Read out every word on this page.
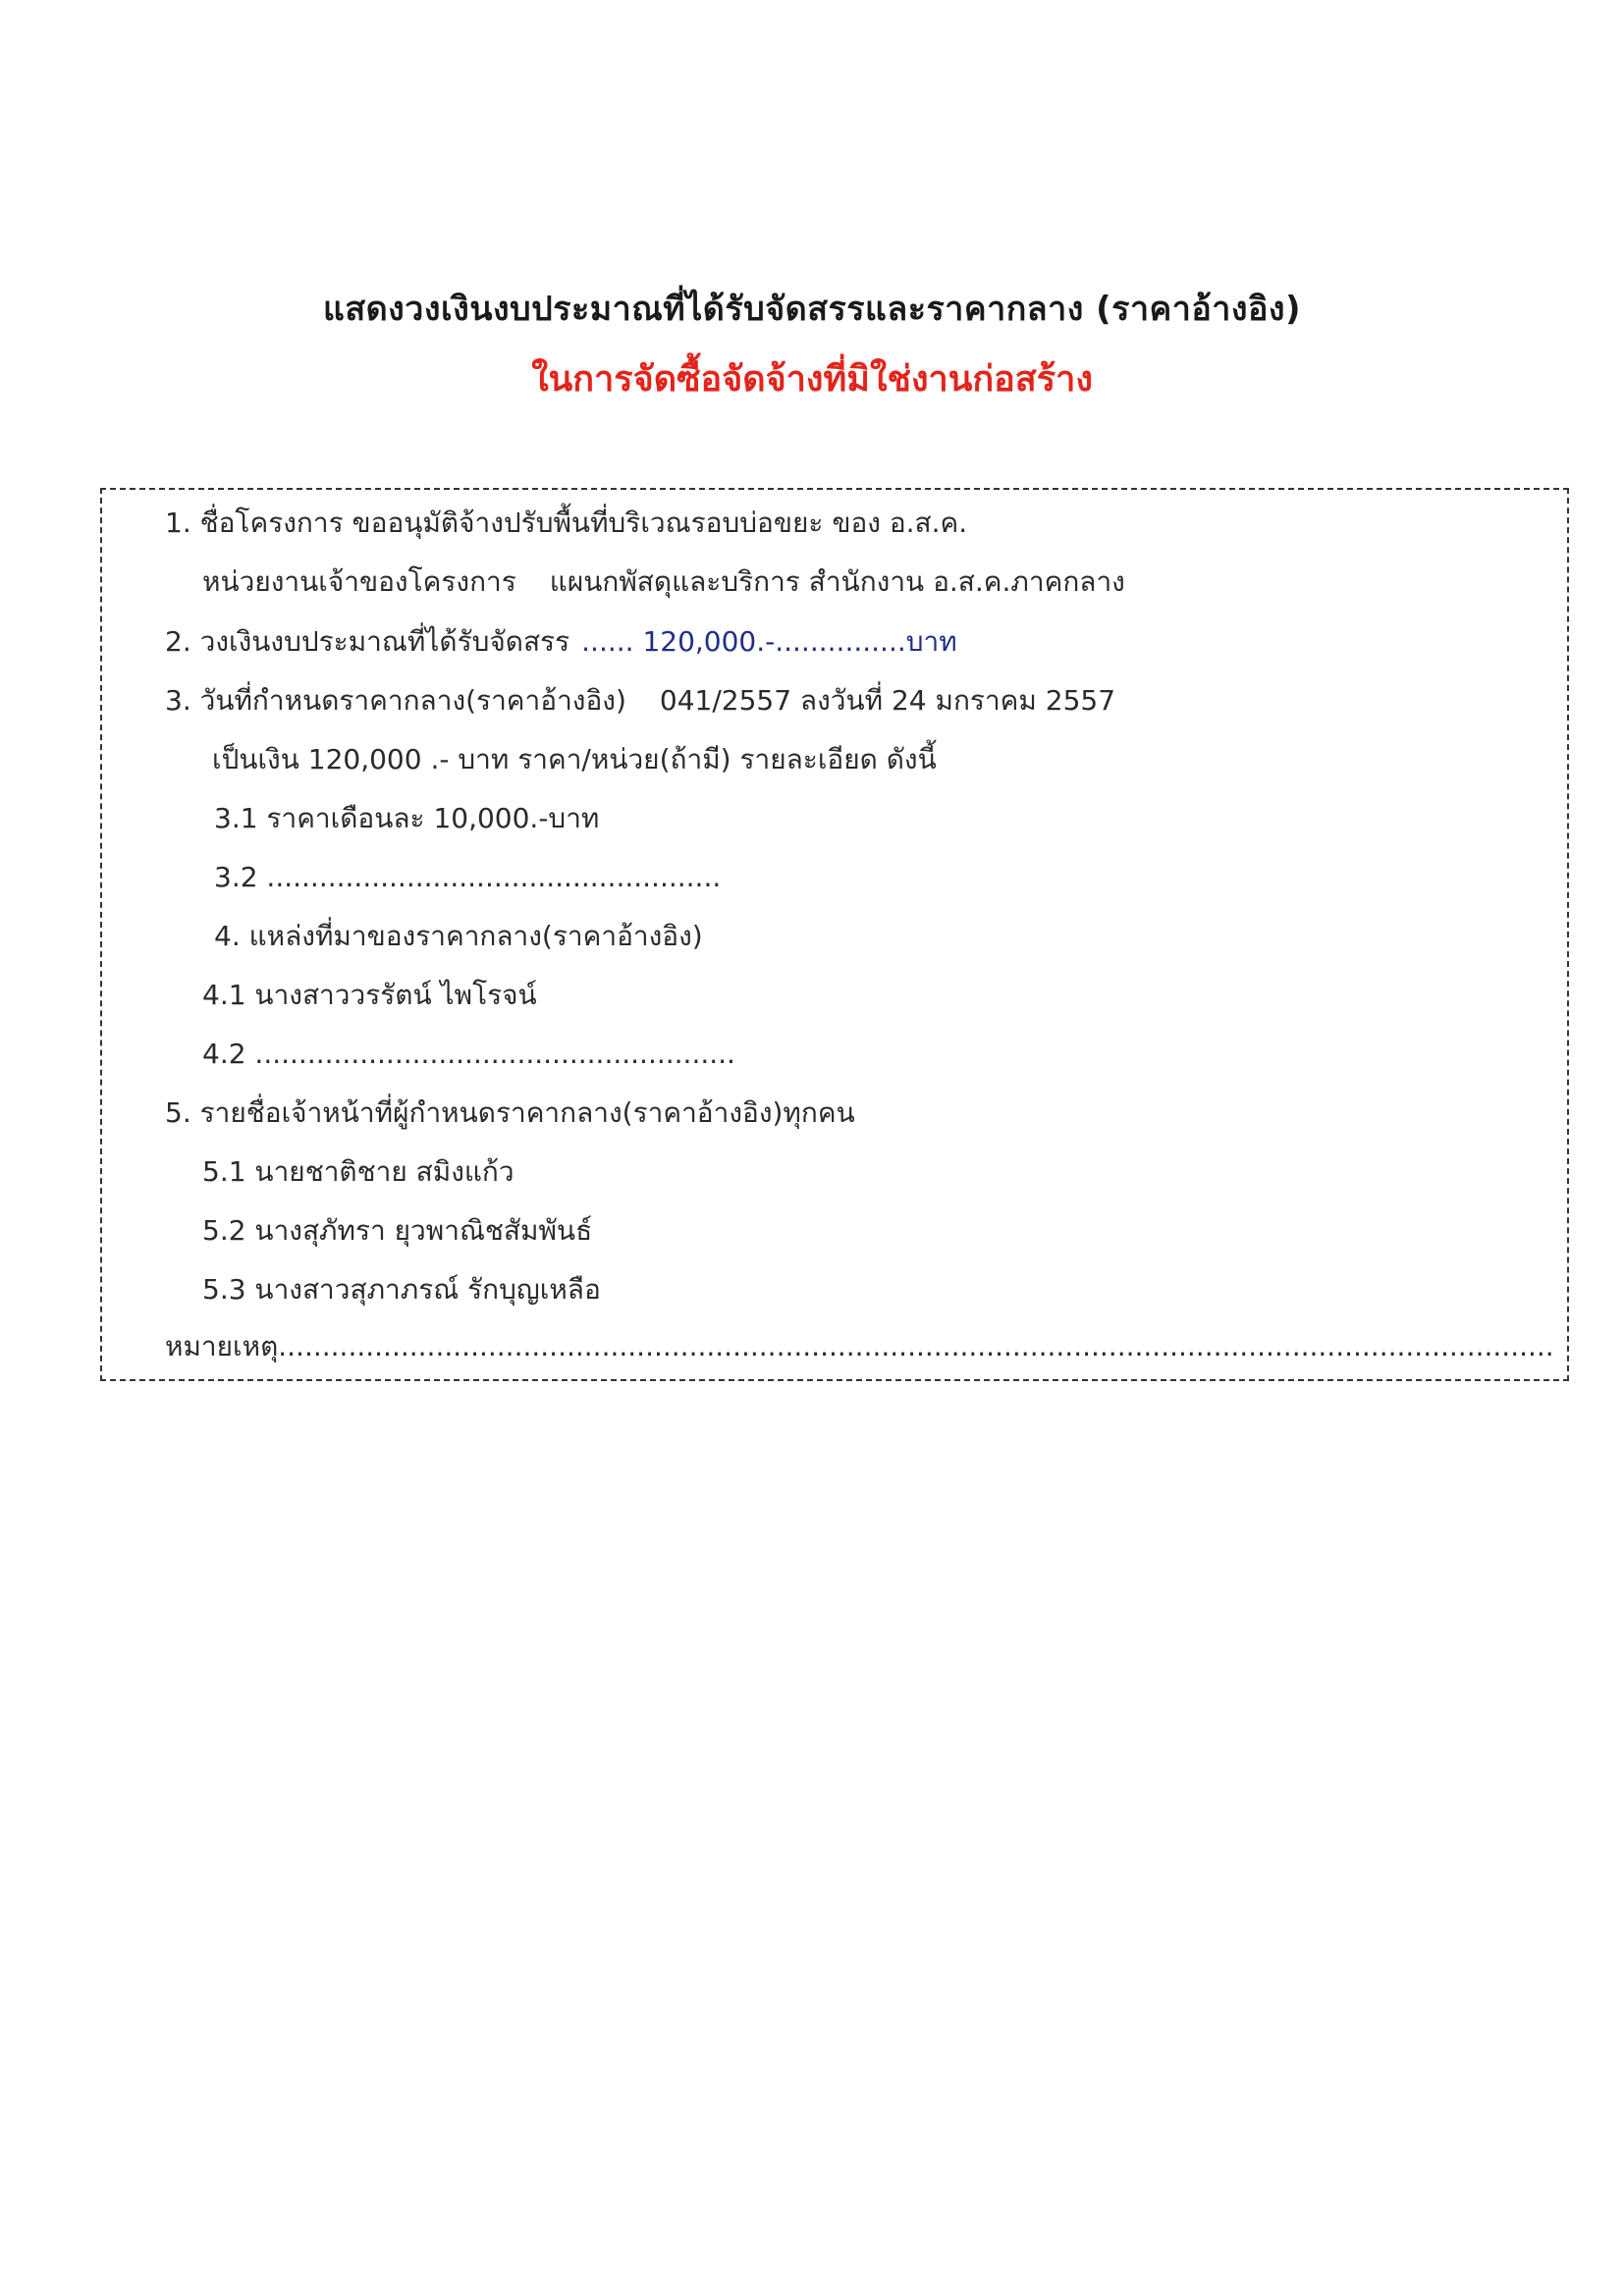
แสดงวงเงินงบประมาณที่ได้รับจัดสรรและราคากลาง (ราคาอ้างอิง)
ในการจัดซื้อจัดจ้างที่มิใช่งานก่อสร้าง
1. ชื่อโครงการ ขออนุมัติจ้างปรับพื้นที่บริเวณรอบบ่อขยะ ของ อ.ส.ค.
หน่วยงานเจ้าของโครงการ แผนกพัสดุและบริการ สำนักงาน อ.ส.ค.ภาคกลาง
2. วงเงินงบประมาณที่ได้รับจัดสรร ...... 120,000.-...............บาท
3. วันที่กำหนดราคากลาง(ราคาอ้างอิง) 041/2557 ลงวันที่ 24 มกราคม 2557
เป็นเงิน 120,000 .- บาท ราคา/หน่วย(ถ้ามี) รายละเอียด ดังนี้
3.1 ราคาเดือนละ 10,000.-บาท
3.2 ....................................................
4. แหล่งที่มาของราคากลาง(ราคาอ้างอิง)
4.1 นางสาววรรัตน์ ไพโรจน์
4.2 .......................................................
5. รายชื่อเจ้าหน้าที่ผู้กำหนดราคากลาง(ราคาอ้างอิง)ทุกคน
5.1 นายชาติชาย สมิงแก้ว
5.2 นางสุภัทรา ยุวพาณิชสัมพันธ์
5.3 นางสาวสุภาภรณ์ รักบุญเหลือ
หมายเหตุ..................................................................................................................................................
